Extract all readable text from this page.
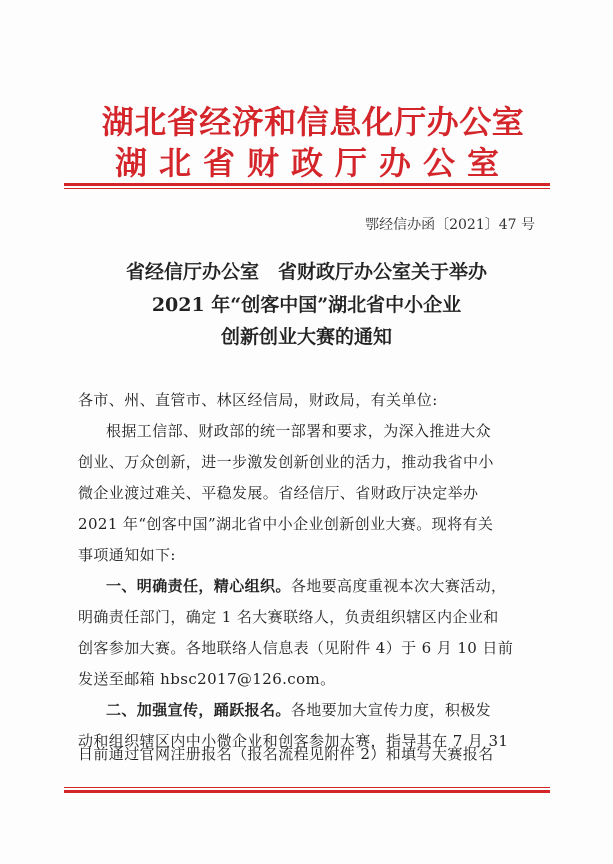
湖北省经济和信息化厅办公室
湖北省财政厅办公室
鄂经信办函〔2021〕47 号
省经信厅办公室　省财政厅办公室关于举办
2021 年“创客中国”湖北省中小企业
创新创业大赛的通知
各市、州、直管市、林区经信局，财政局，有关单位:
根据工信部、财政部的统一部署和要求，为深入推进大众
创业、万众创新，进一步激发创新创业的活力，推动我省中小
微企业渡过难关、平稳发展。省经信厅、省财政厅决定举办
2021 年“创客中国”湖北省中小企业创新创业大赛。现将有关
事项通知如下:
一、明确责任，精心组织。各地要高度重视本次大赛活动，
明确责任部门，确定 1 名大赛联络人，负责组织辖区内企业和
创客参加大赛。各地联络人信息表（见附件 4）于 6 月 10 日前
发送至邮箱 hbsc2017@126.com。
二、加强宣传，踊跃报名。各地要加大宣传力度，积极发
动和组织辖区内中小微企业和创客参加大赛，指导其在 7 月 31
日前通过官网注册报名（报名流程见附件 2）和填写大赛报名
